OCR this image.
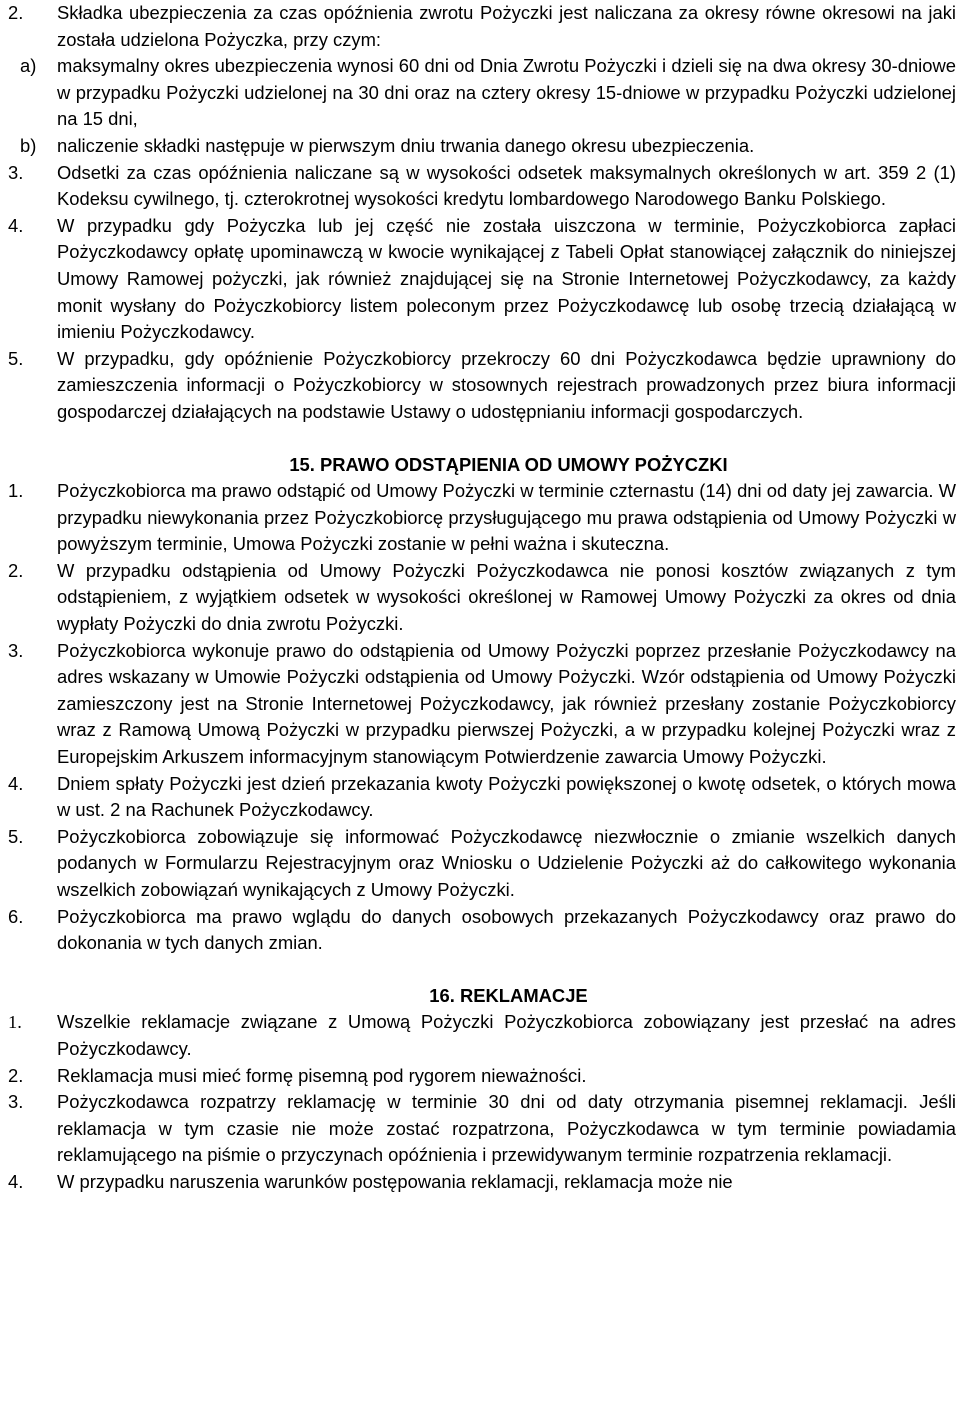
2. Składka ubezpieczenia za czas opóźnienia zwrotu Pożyczki jest naliczana za okresy równe okresowi na jaki została udzielona Pożyczka, przy czym:
a) maksymalny okres ubezpieczenia wynosi 60 dni od Dnia Zwrotu Pożyczki i dzieli się na dwa okresy 30-dniowe w przypadku Pożyczki udzielonej na 30 dni oraz na cztery okresy 15-dniowe w przypadku Pożyczki udzielonej na 15 dni,
b) naliczenie składki następuje w pierwszym dniu trwania danego okresu ubezpieczenia.
3. Odsetki za czas opóźnienia naliczane są w wysokości odsetek maksymalnych określonych w art. 359 2 (1) Kodeksu cywilnego, tj. czterokrotnej wysokości kredytu lombardowego Narodowego Banku Polskiego.
4. W przypadku gdy Pożyczka lub jej część nie została uiszczona w terminie, Pożyczkobiorca zapłaci Pożyczkodawcy opłatę upominawczą w kwocie wynikającej z Tabeli Opłat stanowiącej załącznik do niniejszej Umowy Ramowej pożyczki, jak również znajdującej się na Stronie Internetowej Pożyczkodawcy, za każdy monit wysłany do Pożyczkobiorcy listem poleconym przez Pożyczkodawcę lub osobę trzecią działającą w imieniu Pożyczkodawcy.
5. W przypadku, gdy opóźnienie Pożyczkobiorcy przekroczy 60 dni Pożyczkodawca będzie uprawniony do zamieszczenia informacji o Pożyczkobiorcy w stosownych rejestrach prowadzonych przez biura informacji gospodarczej działających na podstawie Ustawy o udostępnianiu informacji gospodarczych.
15. PRAWO ODSTĄPIENIA OD UMOWY POŻYCZKI
1. Pożyczkobiorca ma prawo odstąpić od Umowy Pożyczki w terminie czternastu (14) dni od daty jej zawarcia. W przypadku niewykonania przez Pożyczkobiorcę przysługującego mu prawa odstąpienia od Umowy Pożyczki w powyższym terminie, Umowa Pożyczki zostanie w pełni ważna i skuteczna.
2. W przypadku odstąpienia od Umowy Pożyczki Pożyczkodawca nie ponosi kosztów związanych z tym odstąpieniem, z wyjątkiem odsetek w wysokości określonej w Ramowej Umowy Pożyczki za okres od dnia wypłaty Pożyczki do dnia zwrotu Pożyczki.
3. Pożyczkobiorca wykonuje prawo do odstąpienia od Umowy Pożyczki poprzez przesłanie Pożyczkodawcy na adres wskazany w Umowie Pożyczki odstąpienia od Umowy Pożyczki. Wzór odstąpienia od Umowy Pożyczki zamieszczony jest na Stronie Internetowej Pożyczkodawcy, jak również przesłany zostanie Pożyczkobiorcy wraz z Ramową Umową Pożyczki w przypadku pierwszej Pożyczki, a w przypadku kolejnej Pożyczki wraz z Europejskim Arkuszem informacyjnym stanowiącym Potwierdzenie zawarcia Umowy Pożyczki.
4. Dniem spłaty Pożyczki jest dzień przekazania kwoty Pożyczki powiększonej o kwotę odsetek, o których mowa w ust. 2 na Rachunek Pożyczkodawcy.
5. Pożyczkobiorca zobowiązuje się informować Pożyczkodawcę niezwłocznie o zmianie wszelkich danych podanych w Formularzu Rejestracyjnym oraz Wniosku o Udzielenie Pożyczki aż do całkowitego wykonania wszelkich zobowiązań wynikających z Umowy Pożyczki.
6. Pożyczkobiorca ma prawo wglądu do danych osobowych przekazanych Pożyczkodawcy oraz prawo do dokonania w tych danych zmian.
16. REKLAMACJE
1. Wszelkie reklamacje związane z Umową Pożyczki Pożyczkobiorca zobowiązany jest przesłać na adres Pożyczkodawcy.
2. Reklamacja musi mieć formę pisemną pod rygorem nieważności.
3. Pożyczkodawca rozpatrzy reklamację w terminie 30 dni od daty otrzymania pisemnej reklamacji. Jeśli reklamacja w tym czasie nie może zostać rozpatrzona, Pożyczkodawca w tym terminie powiadamia reklamującego na piśmie o przyczynach opóźnienia i przewidywanym terminie rozpatrzenia reklamacji.
4. W przypadku naruszenia warunków postępowania reklamacji, reklamacja może nie
